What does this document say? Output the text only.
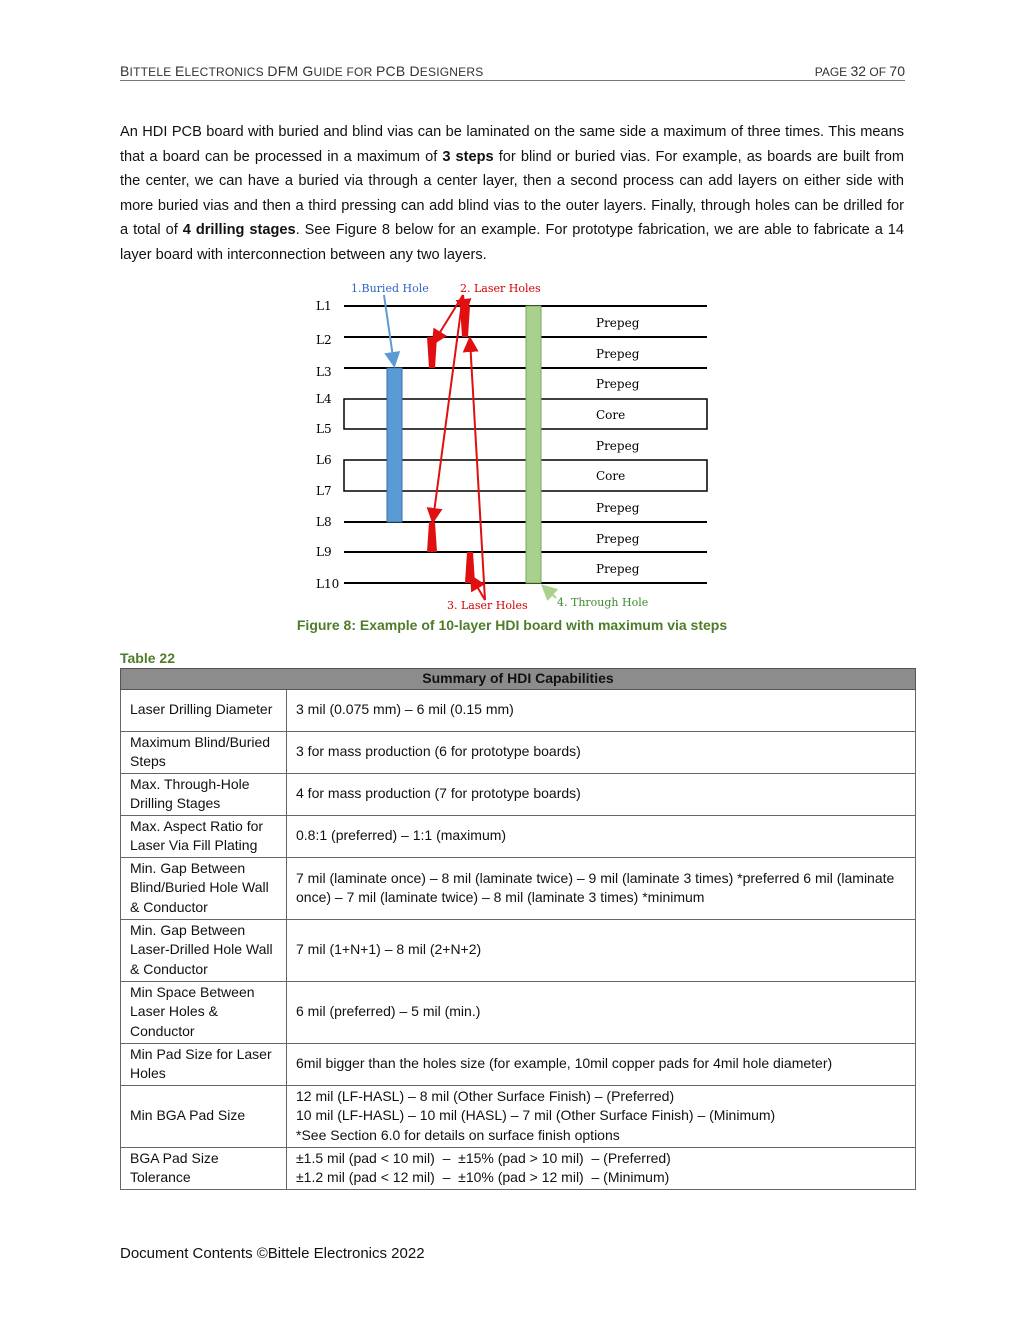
BITTELE ELECTRONICS DFM GUIDE FOR PCB DESIGNERS	PAGE 32 OF 70
An HDI PCB board with buried and blind vias can be laminated on the same side a maximum of three times. This means that a board can be processed in a maximum of 3 steps for blind or buried vias. For example, as boards are built from the center, we can have a buried via through a center layer, then a second process can add layers on either side with more buried vias and then a third pressing can add blind vias to the outer layers. Finally, through holes can be drilled for a total of 4 drilling stages. See Figure 8 below for an example. For prototype fabrication, we are able to fabricate a 14 layer board with interconnection between any two layers.
L1
L2
L3
L4
L5
L6
L7
L8
L9
L10
Prepeg
Prepeg
Prepeg
Core
Prepeg
Core
Prepeg
Prepeg
Prepeg
1.Buried Hole	2. Laser Holes
3. Laser Holes	4. Through Hole
Figure 8: Example of 10-layer HDI board with maximum via steps
Table 22
Summary of HDI Capabilities	
Laser Drilling Diameter	3 mil (0.075 mm) – 6 mil (0.15 mm)
Maximum Blind/Buried Steps	3 for mass production (6 for prototype boards)
Max. Through-Hole Drilling Stages	4 for mass production (7 for prototype boards)
Max. Aspect Ratio for Laser Via Fill Plating	0.8:1 (preferred) – 1:1 (maximum)
Min. Gap Between Blind/Buried Hole Wall & Conductor	7 mil (laminate once) – 8 mil (laminate twice) – 9 mil (laminate 3 times) *preferred 6 mil (laminate once) – 7 mil (laminate twice) – 8 mil (laminate 3 times) *minimum
Min. Gap Between Laser-Drilled Hole Wall & Conductor	7 mil (1+N+1) – 8 mil (2+N+2)
Min Space Between Laser Holes & Conductor	6 mil (preferred) – 5 mil (min.)
Min Pad Size for Laser Holes	6mil bigger than the holes size (for example, 10mil copper pads for 4mil hole diameter)
Min BGA Pad Size	12 mil (LF-HASL) – 8 mil (Other Surface Finish) – (Preferred)
10 mil (LF-HASL) – 10 mil (HASL) – 7 mil (Other Surface Finish) – (Minimum)
*See Section 6.0 for details on surface finish options

BGA Pad Size Tolerance	±1.5 mil (pad < 10 mil)  –  ±15% (pad > 10 mil)  – (Preferred)
±1.2 mil (pad < 12 mil)  –  ±10% (pad > 12 mil)  – (Minimum)
Document Contents ©Bittele Electronics 2022
